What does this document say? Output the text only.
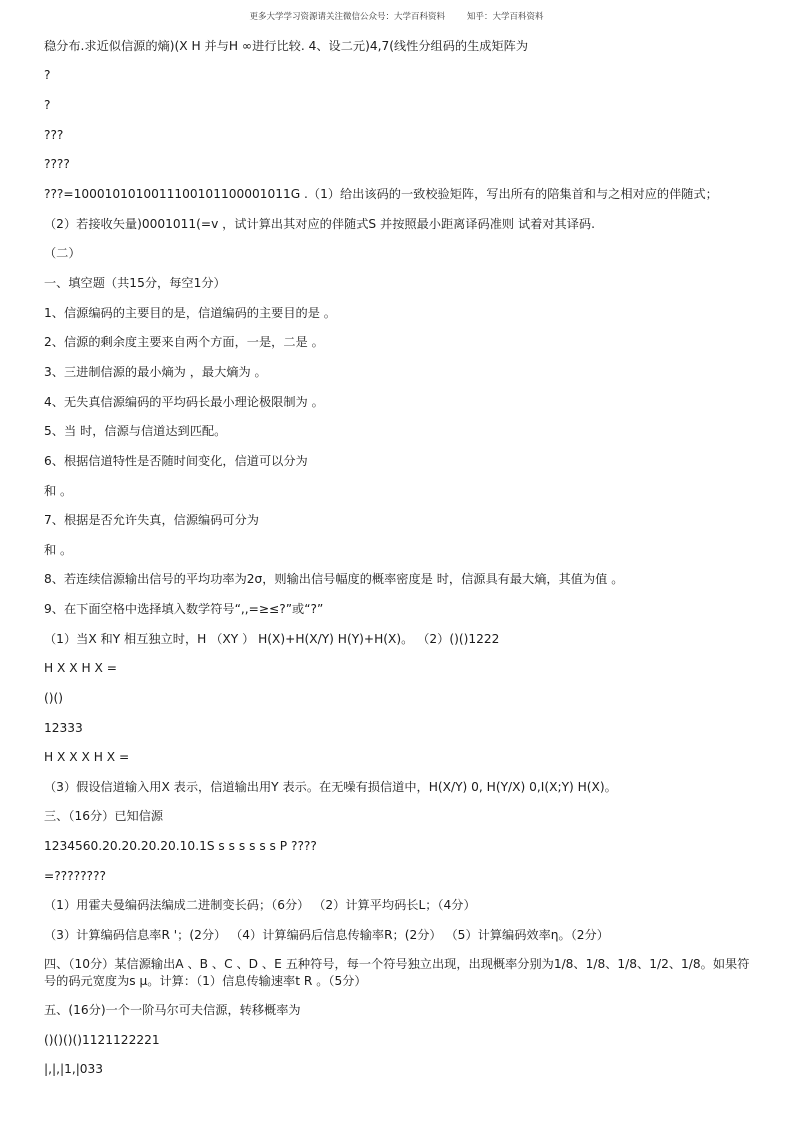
更多大学学习资源请关注微信公众号：大学百科资料	知乎：大学百科资料
稳分布.求近似信源的熵)(X H 并与H ∞进行比较. 4、设二元)4,7(线性分组码的生成矩阵为
?
?
???
????
???=10001010100111001011000010​11G .（1）给出该码的一致校验矩阵，写出所有的陪集首和与之相对应的伴随式；
（2）若接收矢量)0001011(=v ，试计算出其对应的伴随式S 并按照最小距离译码准则 试着对其译码.
（二）
一、填空题（共15分，每空1分）
1、信源编码的主要目的是，信道编码的主要目的是 。
2、信源的剩余度主要来自两个方面，一是，二是 。
3、三进制信源的最小熵为 ，最大熵为 。
4、无失真信源编码的平均码长最小理论极限制为 。
5、当 时，信源与信道达到匹配。
6、根据信道特性是否随时间变化，信道可以分为
和 。
7、根据是否允许失真，信源编码可分为
和 。
8、若连续信源输出信号的平均功率为2σ，则输出信号幅度的概率密度是 时，信源具有最大熵，其值为值 。
9、在下面空格中选择填入数学符号“,,=≥≤?”或“?”
（1）当X 和Y 相互独立时，H （XY ） H(X)+H(X/Y) H(Y)+H(X)。 （2）()()1222
H X X H X =
()()
12333
H X X X H X =
（3）假设信道输入用X 表示，信道输出用Y 表示。在无噪有损信道中，H(X/Y) 0, H(Y/X) 0,I(X;Y) H(X)。
三、（16分）已知信源
1234560.20.20.20.20.10.1S s s s s s s P ????
=????????
（1）用霍夫曼编码法编成二进制变长码；（6分） （2）计算平均码长L；（4分）
（3）计算编码信息率R '；(2分） （4）计算编码后信息传输率R；(2分） （5）计算编码效率η。（2分）
四、（10分）某信源输出A 、B 、C 、D 、E 五种符号，每一个符号独立出现，出现概率分别为1/8、1/8、1/8、1/2、1/8。如果符号的码元宽度为s μ。计算：（1）信息传输速率t R 。（5分）
五、(16分)一个一阶马尔可夫信源，转移概率为
()()()()1121122221
|,|,|1,|033
